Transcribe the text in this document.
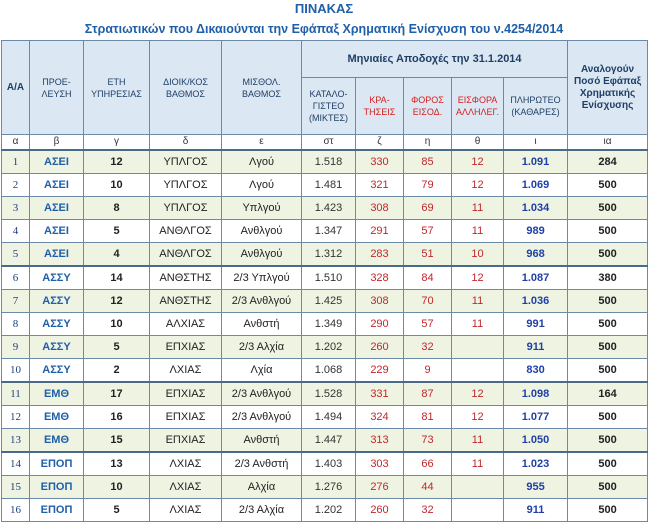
ΠΙΝΑΚΑΣ
Στρατιωτικών που Δικαιούνται την Εφάπαξ Χρηματική Ενίσχυση του ν.4254/2014
Α/Α	ΠΡΟΕ-ΛΕΥΣΗ	ΕΤΗ ΥΠΗΡΕΣΙΑΣ	ΔΙΟΙΚ/ΚΟΣ ΒΑΘΜΟΣ	ΜΙΣΘΟΛ. ΒΑΘΜΟΣ	Μηνιαίες Αποδοχές την 31.1.2014					Αναλογούν Ποσό Εφάπαξ Χρηματικής Ενίσχυσης
					ΚΑΤΑΛΟ-ΓΙΣΤΕΟ (ΜΙΚΤΕΣ)	ΚΡΑ-ΤΗΣΕΙΣ	ΦΟΡΟΣ ΕΙΣΟΔ.	ΕΙΣΦΟΡΑ ΑΛΛΗΛΕΓ.	ΠΛΗΡΩΤΕΟ (ΚΑΘΑΡΕΣ)	
α	β	γ	δ	ε	στ	ζ	η	θ	ι	ια
1	ΑΣΕΙ	12	ΥΠΛΓΟΣ	Λγού	1.518	330	85	12	1.091	284
2	ΑΣΕΙ	10	ΥΠΛΓΟΣ	Λγού	1.481	321	79	12	1.069	500
3	ΑΣΕΙ	8	ΥΠΛΓΟΣ	Υπλγού	1.423	308	69	11	1.034	500
4	ΑΣΕΙ	5	ΑΝΘΛΓΟΣ	Ανθλγού	1.347	291	57	11	989	500
5	ΑΣΕΙ	4	ΑΝΘΛΓΟΣ	Ανθλγού	1.312	283	51	10	968	500
6	ΑΣΣΥ	14	ΑΝΘΣΤΗΣ	2/3 Υπλγού	1.510	328	84	12	1.087	380
7	ΑΣΣΥ	12	ΑΝΘΣΤΗΣ	2/3 Ανθλγού	1.425	308	70	11	1.036	500
8	ΑΣΣΥ	10	ΑΛΧΙΑΣ	Ανθστή	1.349	290	57	11	991	500
9	ΑΣΣΥ	5	ΕΠΧΙΑΣ	2/3 Αλχία	1.202	260	32		911	500
10	ΑΣΣΥ	2	ΛΧΙΑΣ	Λχία	1.068	229	9		830	500
11	ΕΜΘ	17	ΕΠΧΙΑΣ	2/3 Ανθλγού	1.528	331	87	12	1.098	164
12	ΕΜΘ	16	ΕΠΧΙΑΣ	2/3 Ανθλγού	1.494	324	81	12	1.077	500
13	ΕΜΘ	15	ΕΠΧΙΑΣ	Ανθστή	1.447	313	73	11	1.050	500
14	ΕΠΟΠ	13	ΛΧΙΑΣ	2/3 Ανθστή	1.403	303	66	11	1.023	500
15	ΕΠΟΠ	10	ΛΧΙΑΣ	Αλχία	1.276	276	44		955	500
16	ΕΠΟΠ	5	ΛΧΙΑΣ	2/3 Αλχία	1.202	260	32		911	500
